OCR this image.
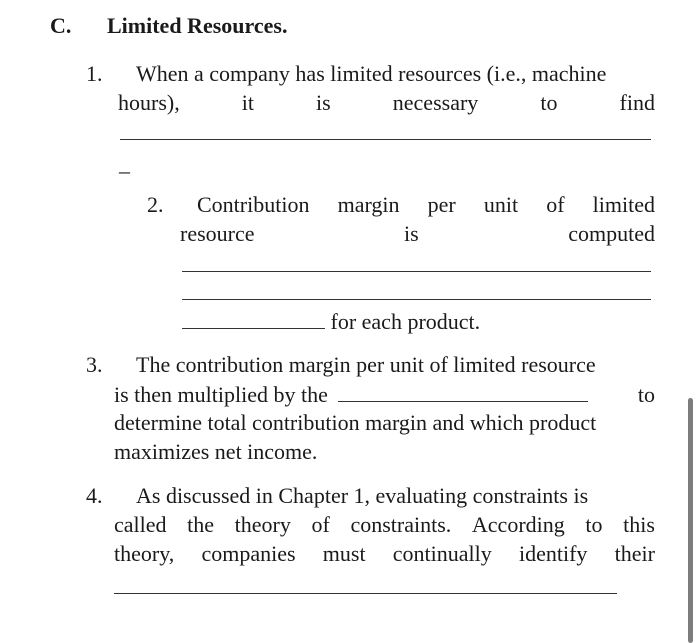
C. Limited Resources.
1. When a company has limited resources (i.e., machine
hours),	it	is	necessary	to	find
–
2. Contribution margin per unit of limited
resource	is	computed
for each product.
3. The contribution margin per unit of limited resource
is then multiplied by the	to
determine total contribution margin and which product
maximizes net income.
4. As discussed in Chapter 1, evaluating constraints is
called the theory of constraints. According to this
theory, companies must continually identify their
